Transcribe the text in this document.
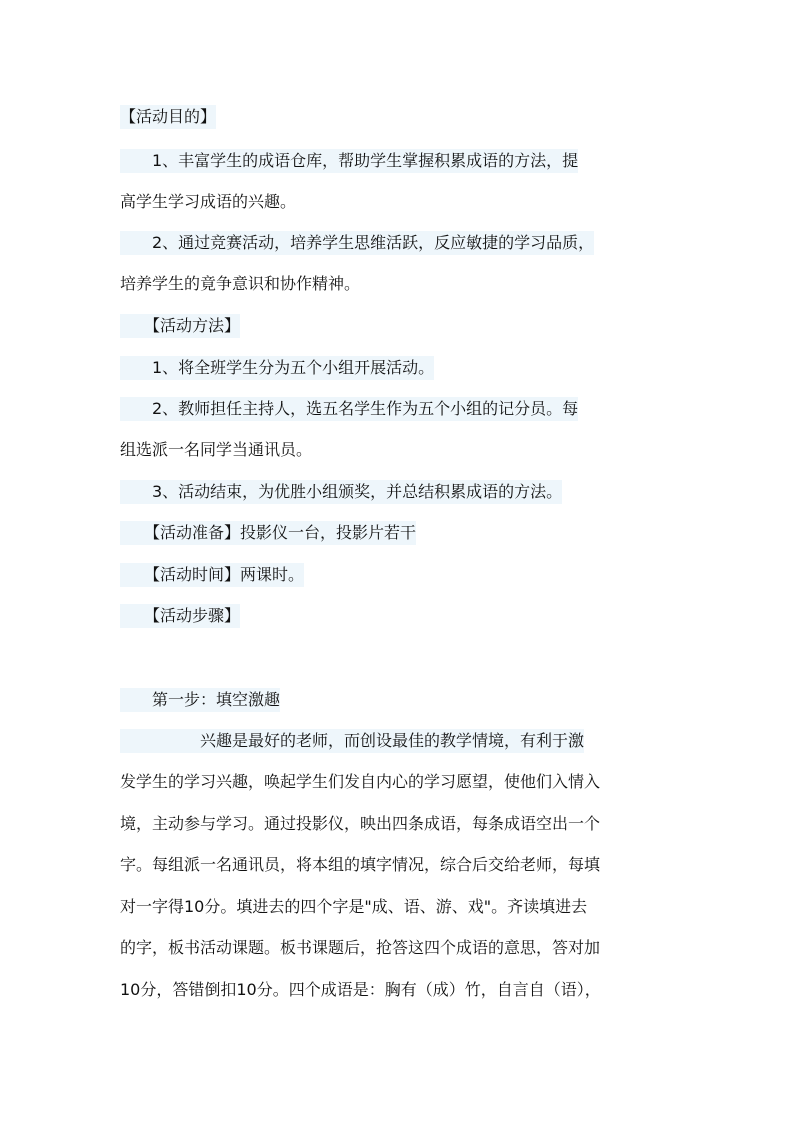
【活动目的】
　　1、丰富学生的成语仓库，帮助学生掌握积累成语的方法，提
高学生学习成语的兴趣。
　　2、通过竞赛活动，培养学生思维活跃，反应敏捷的学习品质，
培养学生的竟争意识和协作精神。
　　【活动方法】
　　1、将全班学生分为五个小组开展活动。
　　2、教师担任主持人，选五名学生作为五个小组的记分员。每
组选派一名同学当通讯员。
　　3、活动结束，为优胜小组颁奖，并总结积累成语的方法。
　　【活动准备】投影仪一台，投影片若干
　　【活动时间】两课时。
　　【活动步骤】
　　第一步：填空激趣
　　　　　兴趣是最好的老师，而创设最佳的教学情境，有利于激
发学生的学习兴趣，唤起学生们发自内心的学习愿望，使他们入情入
境，主动参与学习。通过投影仪，映出四条成语，每条成语空出一个
字。每组派一名通讯员，将本组的填字情况，综合后交给老师，每填
对一字得10分。填进去的四个字是"成、语、游、戏"。齐读填进去
的字，板书活动课题。板书课题后，抢答这四个成语的意思，答对加
10分，答错倒扣10分。四个成语是：胸有（成）竹，自言自（语），
